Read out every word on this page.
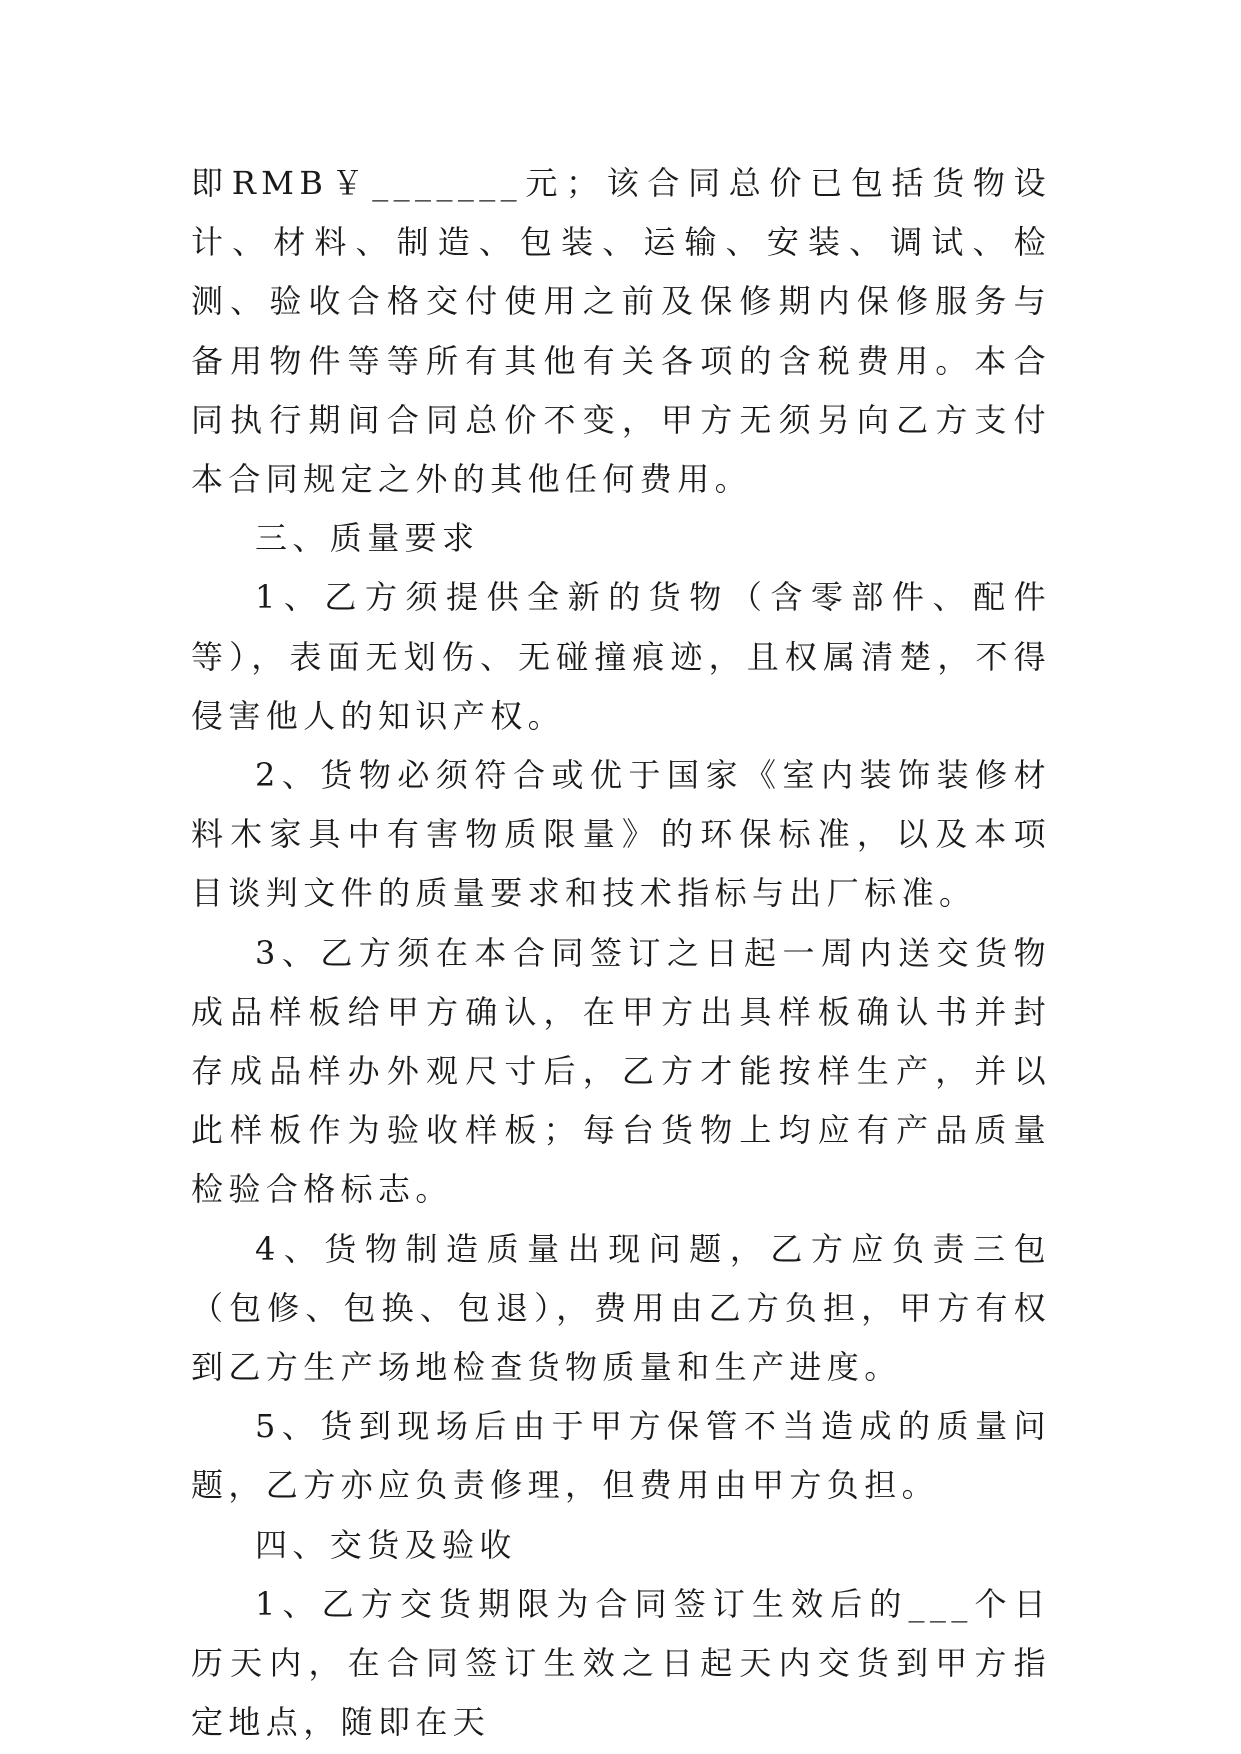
即RMB￥_______元；该合同总价已包括货物设计、材料、制造、包装、运输、安装、调试、检测、验收合格交付使用之前及保修期内保修服务与备用物件等等所有其他有关各项的含税费用。本合同执行期间合同总价不变，甲方无须另向乙方支付本合同规定之外的其他任何费用。

三、质量要求

1、乙方须提供全新的货物（含零部件、配件等），表面无划伤、无碰撞痕迹，且权属清楚，不得侵害他人的知识产权。

2、货物必须符合或优于国家《室内装饰装修材料木家具中有害物质限量》的环保标准，以及本项目谈判文件的质量要求和技术指标与出厂标准。

3、乙方须在本合同签订之日起一周内送交货物成品样板给甲方确认，在甲方出具样板确认书并封存成品样办外观尺寸后，乙方才能按样生产，并以此样板作为验收样板；每台货物上均应有产品质量检验合格标志。

4、货物制造质量出现问题，乙方应负责三包（包修、包换、包退），费用由乙方负担，甲方有权到乙方生产场地检查货物质量和生产进度。

5、货到现场后由于甲方保管不当造成的质量问题，乙方亦应负责修理，但费用由甲方负担。

四、交货及验收

1、乙方交货期限为合同签订生效后的___个日历天内，在合同签订生效之日起天内交货到甲方指定地点，随即在天
